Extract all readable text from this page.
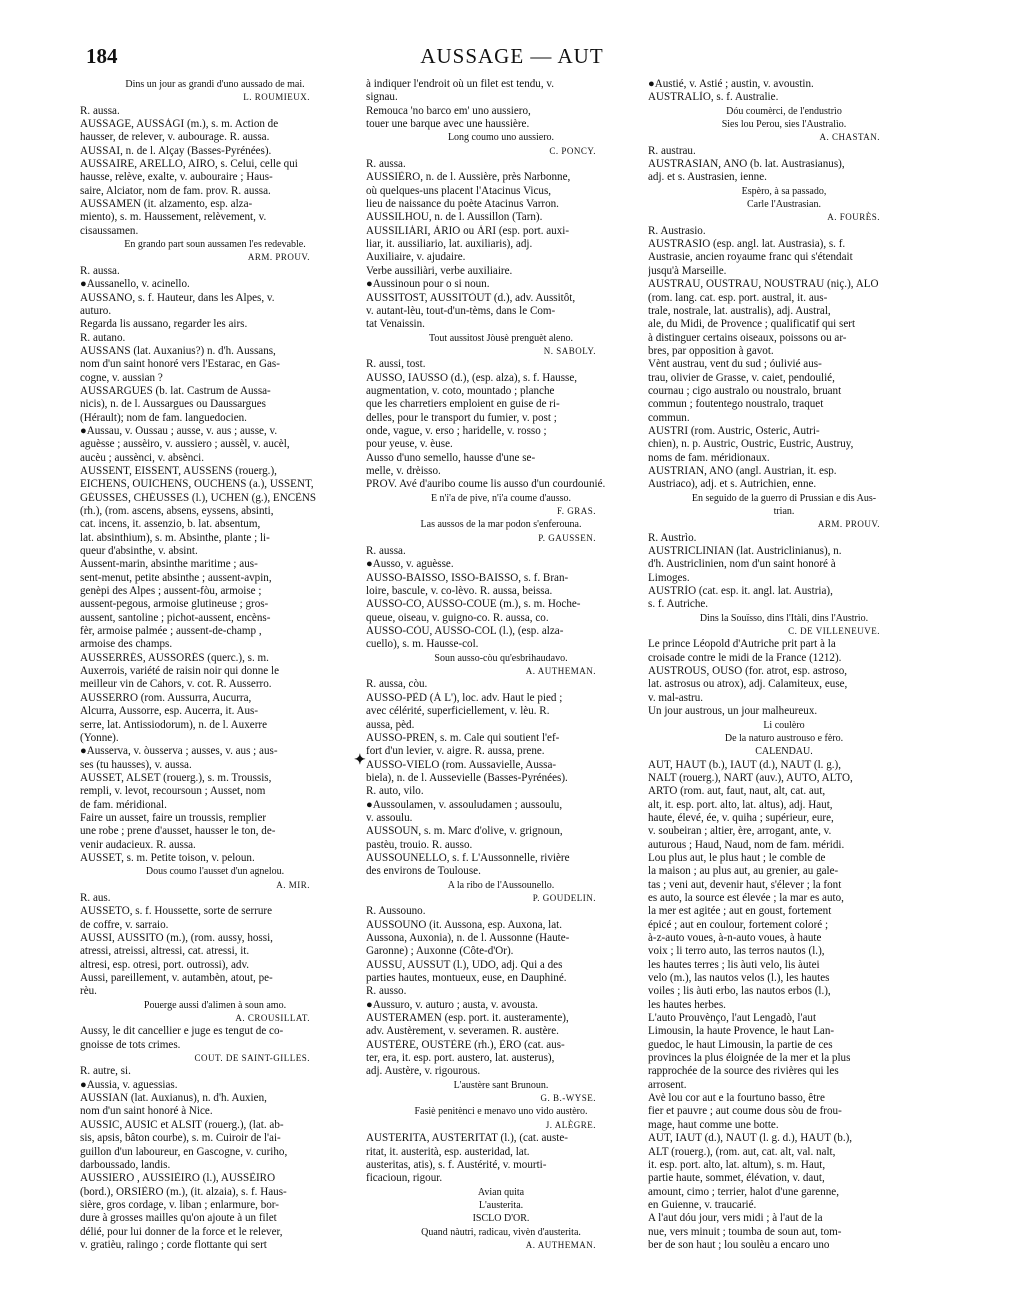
184	AUSSAGE — AUT
Dins un jour as grandi d'uno aussado de mai.
L. ROUMIEUX.
R. aussa.
AUSSAGE, AUSSÀGI (m.), s. m. Action de
hausser, de relever, v. aubourage. R. aussa.
AUSSAI, n. de l. Alçay (Basses-Pyrénées).
AUSSAIRE, ARELLO, AIRO, s. Celui, celle qui
hausse, relève, exalte, v. aubouraire ; Haus-
saire, Alciator, nom de fam. prov. R. aussa.
AUSSAMEN (it. alzamento, esp. alza-
miento), s. m. Haussement, relèvement, v.
cisaussamen.
En grando part soun aussamen l'es redevable.
ARM. PROUV.
R. aussa.
●Aussanello, v. acinello.
AUSSANO, s. f. Hauteur, dans les Alpes, v.
auturo.
Regarda lis aussano, regarder les airs.
R. autano.
AUSSANS (lat. Auxanius?) n. d'h. Aussans,
nom d'un saint honoré vers l'Estarac, en Gas-
cogne, v. aussian ?
AUSSARGUES (b. lat. Castrum de Aussa-
nicis), n. de l. Aussargues ou Daussargues
(Hérault); nom de fam. languedocien.
●Aussau, v. Oussau ; ausse, v. aus ; ausse, v.
aguèsse ; aussèiro, v. aussiero ; aussèl, v. aucèl,
aucèu ; aussènci, v. absènci.
AUSSENT, EISSENT, AUSSENS (rouerg.),
EICHENS, OUICHENS, OUCHENS (a.), USSENT,
GÉUSSES, CHÉUSSES (l.), UCHEN (g.), ENCÈNS
(rh.), (rom. ascens, absens, eyssens, absinti,
cat. incens, it. assenzio, b. lat. absentum,
lat. absinthium), s. m. Absinthe, plante ; li-
queur d'absinthe, v. absint.
Aussent-marin, absinthe maritime ; aus-
sent-menut, petite absinthe ; aussent-avpin,
genèpi des Alpes ; aussent-fòu, armoise ;
aussent-pegous, armoise glutineuse ; gros-
aussent, santoline ; pichot-aussent, encèns-
fèr, armoise palmée ; aussent-de-champ ,
armoise des champs.
AUSSERRÉS, AUSSORÉS (querc.), s. m.
Auxerrois, variété de raisin noir qui donne le
meilleur vin de Cahors, v. cot. R. Ausserro.
AUSSERRO (rom. Aussurra, Aucurra,
Alcurra, Aussorre, esp. Aucerra, it. Aus-
serre, lat. Antissiodorum), n. de l. Auxerre
(Yonne).
●Ausserva, v. òusserva ; ausses, v. aus ; aus-
ses (tu hausses), v. aussa.
AUSSET, ALSET (rouerg.), s. m. Troussis,
rempli, v. levot, recoursoun ; Ausset, nom
de fam. méridional.
Faire un ausset, faire un troussis, remplier
une robe ; prene d'ausset, hausser le ton, de-
venir audacieux. R. aussa.
AUSSET, s. m. Petite toison, v. peloun.
Dous coumo l'ausset d'un agnelou.
A. MIR.
R. aus.
AUSSETO, s. f. Houssette, sorte de serrure
de coffre, v. sarraio.
AUSSI, AUSSITO (m.), (rom. aussy, hossi,
atressi, atreissi, altressi, cat. atressi, it.
altresi, esp. otresi, port. outrossi), adv.
Aussi, pareillement, v. autambèn, atout, pe-
rèu.
Pouerge aussi d'alimen à soun amo.
A. CROUSILLAT.
Aussy, le dit cancellier e juge es tengut de co-
gnoisse de tots crimes.
COUT. DE SAINT-GILLES.
R. autre, si.
●Aussia, v. aguessias.
AUSSIAN (lat. Auxianus), n. d'h. Auxien,
nom d'un saint honoré à Nice.
AUSSIC, AUSIC et ALSIT (rouerg.), (lat. ab-
sis, apsis, bâton courbe), s. m. Cuiroir de l'ai-
guillon d'un laboureur, en Gascogne, v. curiho,
darboussado, landis.
AUSSIERO , AUSSIÈIRO (l.), AUSSÈIRO
(bord.), ORSIÈRO (m.), (it. alzaia), s. f. Haus-
sière, gros cordage, v. liban ; enlarmure, bor-
dure à grosses mailles qu'on ajoute à un filet
délié, pour lui donner de la force et le relever,
v. gratièu, ralingo ; corde flottante qui sert
à indiquer l'endroit où un filet est tendu, v.
signau.
Remouca 'no barco em' uno aussiero,
touer une barque avec une haussière.
Long coumo uno aussiero.
C. PONCY.
R. aussa.
AUSSIÈRO, n. de l. Aussière, près Narbonne,
où quelques-uns placent l'Atacinus Vicus,
lieu de naissance du poète Atacinus Varron.
AUSSILHOU, n. de l. Aussillon (Tarn).
AUSSILIÀRI, ÀRIO ou ÀRI (esp. port. auxi-
liar, it. aussiliario, lat. auxiliaris), adj.
Auxiliaire, v. ajudaire.
Verbe aussiliàri, verbe auxiliaire.
●Aussinoun pour o si noun.
AUSSITOST, AUSSITÒUT (d.), adv. Aussitôt,
v. autant-lèu, tout-d'un-tèms, dans le Com-
tat Venaissin.
Tout aussitost Jòusè prenguèt aleno.
N. SABOLY.
R. aussi, tost.
AUSSO, IAUSSO (d.), (esp. alza), s. f. Hausse,
augmentation, v. coto, mountado ; planche
que les charretiers emploient en guise de ri-
delles, pour le transport du fumier, v. post ;
onde, vague, v. erso ; haridelle, v. rosso ;
pour yeuse, v. èuse.
Ausso d'uno semello, hausse d'une se-
melle, v. drèisso.
PROV. Avé d'auribo coume lis ausso d'un courdounié.
E n'i'a de pive, n'i'a coume d'ausso.
F. GRAS.
Las aussos de la mar podon s'enferouna.
P. GAUSSEN.
R. aussa.
●Ausso, v. aguèsse.
AUSSO-BAISSO, ISSO-BAISSO, s. f. Bran-
loire, bascule, v. co-lèvo. R. aussa, beissa.
AUSSO-CO, AUSSO-COUE (m.), s. m. Hoche-
queue, oiseau, v. guigno-co. R. aussa, co.
AUSSO-CÒU, AUSSO-COL (l.), (esp. alza-
cuello), s. m. Hausse-col.
Soun ausso-còu qu'esbrihaudavo.
A. AUTHEMAN.
R. aussa, còu.
AUSSO-PÈD (À L'), loc. adv. Haut le pied ;
avec célérité, superficiellement, v. lèu. R.
aussa, pèd.
AUSSO-PREN, s. m. Cale qui soutient l'ef-
fort d'un levier, v. aigre. R. aussa, prene.
AUSSO-VIELO (rom. Aussavielle, Aussa-
biela), n. de l. Aussevielle (Basses-Pyrénées).
R. auto, vilo.
●Aussoulamen, v. assouludamen ; aussoulu,
v. assoulu.
AUSSOUN, s. m. Marc d'olive, v. grignoun,
pastèu, trouio. R. ausso.
AUSSOUNELLO, s. f. L'Aussonnelle, rivière
des environs de Toulouse.
A la ribo de l'Aussounello.
P. GOUDELIN.
R. Aussouno.
AUSSOUNO (it. Aussona, esp. Auxona, lat.
Aussona, Auxonia), n. de l. Aussonne (Haute-
Garonne) ; Auxonne (Côte-d'Or).
AUSSU, AUSSUT (l.), UDO, adj. Qui a des
parties hautes, montueux, euse, en Dauphiné.
R. ausso.
●Aussuro, v. auturo ; austa, v. avousta.
AUSTERAMEN (esp. port. it. austeramente),
adv. Austèrement, v. severamen. R. austère.
AUSTÈRE, OUSTÈRE (rh.), ÈRO (cat. aus-
ter, era, it. esp. port. austero, lat. austerus),
adj. Austère, v. rigourous.
L'austère sant Brunoun.
G. B.-WYSE.
Fasiè penitènci e menavo uno vido austèro.
J. ALÈGRE.
AUSTERITA, AUSTERITAT (l.), (cat. auste-
ritat, it. austerità, esp. austeridad, lat.
austeritas, atis), s. f. Austérité, v. mourti-
ficacioun, rigour.
Avian quita
L'austerita.
ISCLO D'OR.
Quand nàutri, radicau, vivèn d'austerita.
A. AUTHEMAN.
●Austié, v. Astié ; austin, v. avoustin.
AUSTRALÌO, s. f. Australie.
Dóu coumèrci, de l'endustrìo
Sies lou Perou, sies l'Australìo.
A. CHASTAN.
R. austrau.
AUSTRASIAN, ANO (b. lat. Austrasianus),
adj. et s. Austrasien, ienne.
Espèro, à sa passado,
Carle l'Austrasian.
A. FOURÈS.
R. Austrasio.
AUSTRASIO (esp. angl. lat. Austrasia), s. f.
Austrasie, ancien royaume franc qui s'étendait
jusqu'à Marseille.
AUSTRAU, OUSTRAU, NOUSTRAU (niç.), ALO
(rom. lang. cat. esp. port. austral, it. aus-
trale, nostrale, lat. australis), adj. Austral,
ale, du Midi, de Provence ; qualificatif qui sert
à distinguer certains oiseaux, poissons ou ar-
bres, par opposition à gavot.
Vènt austrau, vent du sud ; óulivié aus-
trau, olivier de Grasse, v. caiet, pendoulié,
cournau ; cigo australo ou noustralo, bruant
commun ; foutentego noustralo, traquet
commun.
AUSTRI (rom. Austric, Osteric, Autri-
chien), n. p. Austric, Oustric, Eustric, Austruy,
noms de fam. méridionaux.
AUSTRIAN, ANO (angl. Austrian, it. esp.
Austriaco), adj. et s. Autrichien, enne.
En seguido de la guerro di Prussian e dis Aus-
trian.
ARM. PROUV.
R. Austrìo.
AUSTRICLINIAN (lat. Austriclinianus), n.
d'h. Austriclinien, nom d'un saint honoré à
Limoges.
AUSTRÌO (cat. esp. it. angl. lat. Austria),
s. f. Autriche.
Dins la Souïsso, dins l'Itàli, dins l'Austrìo.
C. DE VILLENEUVE.
Le prince Léopold d'Autriche prit part à la
croisade contre le midi de la France (1212).
AUSTROUS, OUSO (for. atrot, esp. astroso,
lat. astrosus ou atrox), adj. Calamiteux, euse,
v. mal-astru.
Un jour austrous, un jour malheureux.
Li coulèro
De la naturo austrouso e fèro.
CALENDAU.
AUT, HAUT (b.), IAUT (d.), NAUT (l. g.),
NALT (rouerg.), NART (auv.), AUTO, ALTO,
ARTO (rom. aut, faut, naut, alt, cat. aut,
alt, it. esp. port. alto, lat. altus), adj. Haut,
haute, élevé, ée, v. quiha ; supérieur, eure,
v. soubeiran ; altier, ère, arrogant, ante, v.
auturous ; Haud, Naud, nom de fam. méridi.
Lou plus aut, le plus haut ; le comble de
la maison ; au plus aut, au grenier, au gale-
tas ; veni aut, devenir haut, s'élever ; la font
es auto, la source est élevée ; la mar es auto,
la mer est agitée ; aut en goust, fortement
épicé ; aut en coulour, fortement coloré ;
à-z-auto voues, à-n-auto voues, à haute
voix ; li terro auto, las terros nautos (l.),
les hautes terres ; lis àuti velo, lis àutei
velo (m.), las nautos velos (l.), les hautes
voiles ; lis àuti erbo, las nautos erbos (l.),
les hautes herbes.
L'auto Prouvènço, l'aut Lengadò, l'aut
Limousin, la haute Provence, le haut Lan-
guedoc, le haut Limousin, la partie de ces
provinces la plus éloignée de la mer et la plus
rapprochée de la source des rivières qui les
arrosent.
Avè lou cor aut e la fourtuno basso, être
fier et pauvre ; aut coume dous sòu de frou-
mage, haut comme une botte.
AUT, IAUT (d.), NAUT (l. g. d.), HAUT (b.),
ALT (rouerg.), (rom. aut, cat. alt, val. nalt,
it. esp. port. alto, lat. altum), s. m. Haut,
partie haute, sommet, élévation, v. daut,
amount, cimo ; terrier, halot d'une garenne,
en Guienne, v. traucarié.
A l'aut dóu jour, vers midi ; à l'aut de la
nue, vers minuit ; toumba de soun aut, tom-
ber de son haut ; lou soulèu a encaro uno
✦
